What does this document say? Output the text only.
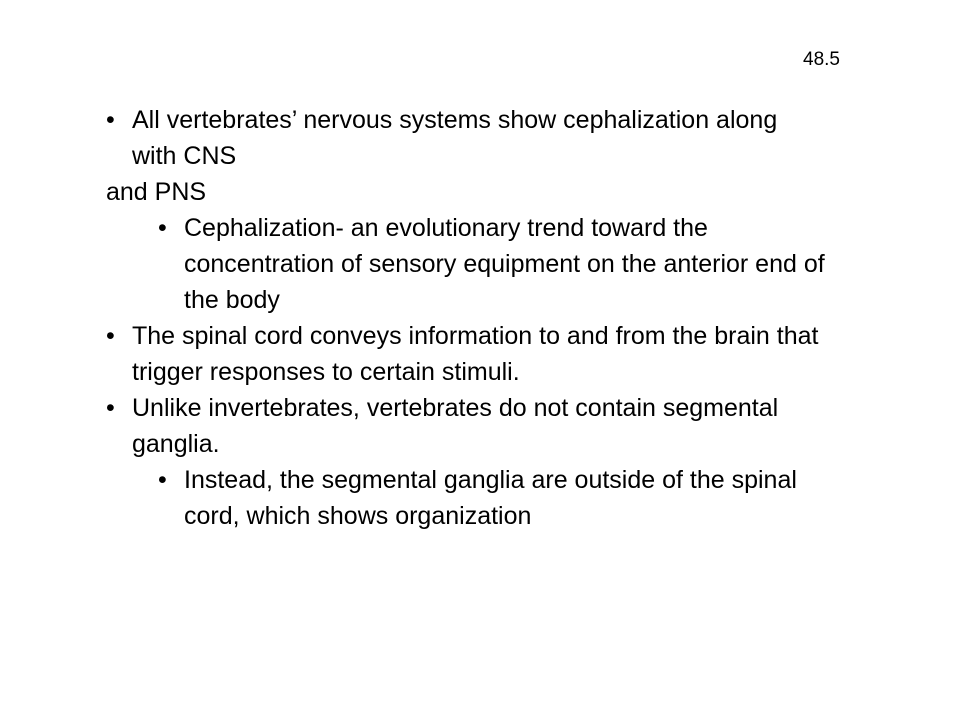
48.5
• All vertebrates’ nervous systems show cephalization along with CNS
and PNS
• Cephalization- an evolutionary trend toward the concentration of sensory equipment on the anterior end of the body
• The spinal cord conveys information to and from the brain that trigger responses to certain stimuli.
• Unlike invertebrates, vertebrates do not contain segmental ganglia.
• Instead, the segmental ganglia are outside of the spinal cord, which shows organization
